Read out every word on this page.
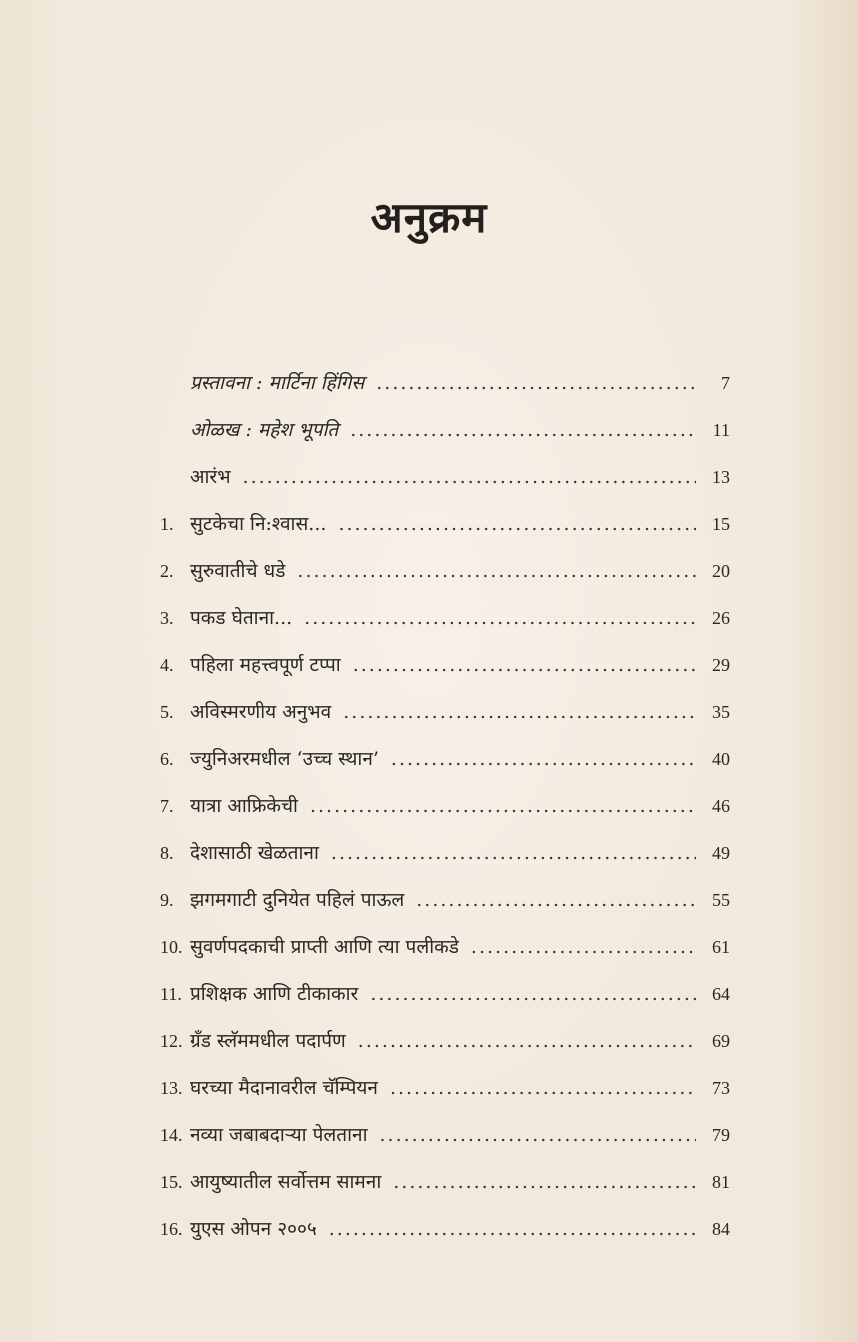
अनुक्रम
प्रस्तावना : मार्टिना हिंगिस .....	7
ओळख : महेश भूपति .....	11
आरंभ .....	13
1. सुटकेचा नि:श्वास... .....	15
2. सुरुवातीचे धडे .....	20
3. पकड घेताना... .....	26
4. पहिला महत्त्वपूर्ण टप्पा .....	29
5. अविस्मरणीय अनुभव .....	35
6. ज्युनिअरमधील ‘उच्च स्थान’ .....	40
7. यात्रा आफ्रिकेची .....	46
8. देशासाठी खेळताना .....	49
9. झगमगाटी दुनियेत पहिलं पाऊल .....	55
10. सुवर्णपदकाची प्राप्ती आणि त्या पलीकडे .....	61
11. प्रशिक्षक आणि टीकाकार .....	64
12. ग्रँड स्लॅममधील पदार्पण .....	69
13. घरच्या मैदानावरील चॅम्पियन .....	73
14. नव्या जबाबदाऱ्या पेलताना .....	79
15. आयुष्यातील सर्वोत्तम सामना .....	81
16. युएस ओपन २००५ .....	84
